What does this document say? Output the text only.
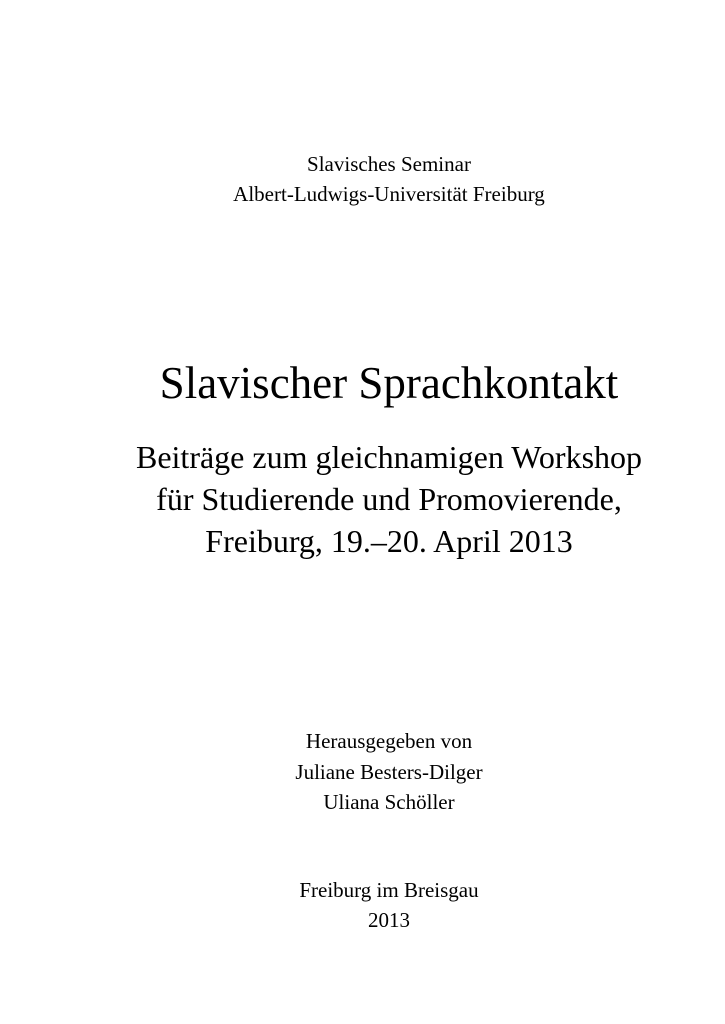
Slavisches Seminar
Albert-Ludwigs-Universität Freiburg
Slavischer Sprachkontakt
Beiträge zum gleichnamigen Workshop
für Studierende und Promovierende,
Freiburg, 19.–20. April 2013
Herausgegeben von
Juliane Besters-Dilger
Uliana Schöller
Freiburg im Breisgau
2013
